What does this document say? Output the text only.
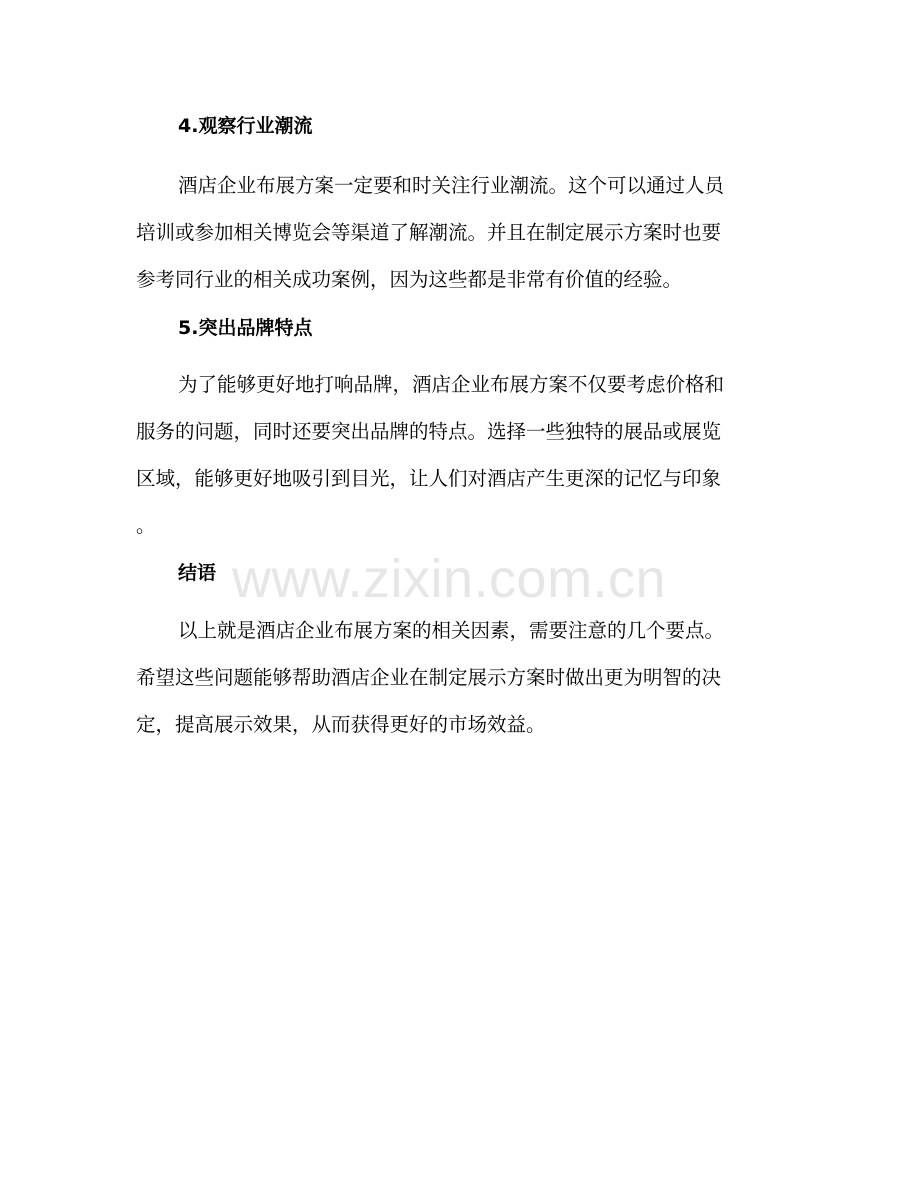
4.观察行业潮流
酒店企业布展方案一定要和时关注行业潮流。这个可以通过人员
培训或参加相关博览会等渠道了解潮流。并且在制定展示方案时也要
参考同行业的相关成功案例，因为这些都是非常有价值的经验。
5.突出品牌特点
为了能够更好地打响品牌，酒店企业布展方案不仅要考虑价格和
服务的问题，同时还要突出品牌的特点。选择一些独特的展品或展览
区域，能够更好地吸引到目光，让人们对酒店产生更深的记忆与印象
。
结语
以上就是酒店企业布展方案的相关因素，需要注意的几个要点。
希望这些问题能够帮助酒店企业在制定展示方案时做出更为明智的决
定，提高展示效果，从而获得更好的市场效益。
www.zixin.com.cn
